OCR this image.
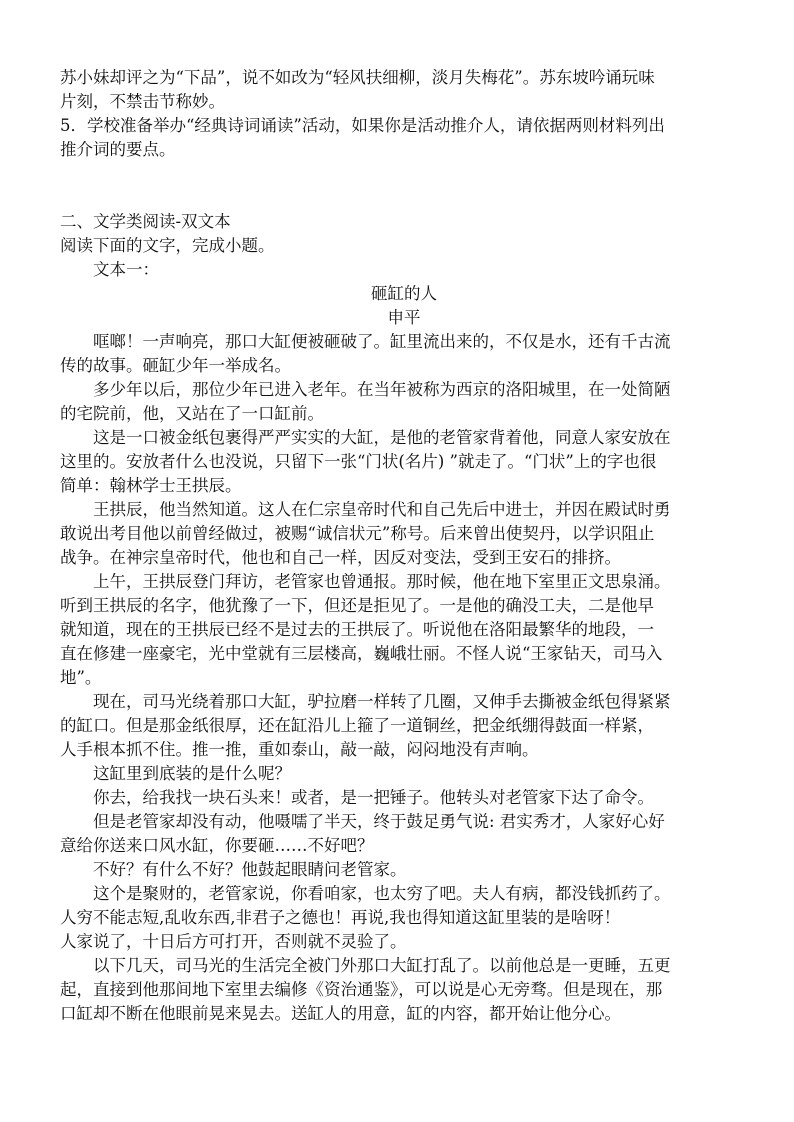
苏小妹却评之为“下品”，说不如改为“轻风扶细柳，淡月失梅花”。苏东坡吟诵玩味
片刻，不禁击节称妙。
5．学校准备举办“经典诗词诵读”活动，如果你是活动推介人，请依据两则材料列出
推介词的要点。
二、文学类阅读-双文本
阅读下面的文字，完成小题。
文本一：
砸缸的人
申平
哐啷！一声响亮，那口大缸便被砸破了。缸里流出来的，不仅是水，还有千古流
传的故事。砸缸少年一举成名。
多少年以后，那位少年已进入老年。在当年被称为西京的洛阳城里，在一处简陋
的宅院前，他，又站在了一口缸前。
这是一口被金纸包裹得严严实实的大缸，是他的老管家背着他，同意人家安放在
这里的。安放者什么也没说，只留下一张“门状(名片) ”就走了。“门状”上的字也很
简单：翰林学士王拱辰。
王拱辰，他当然知道。这人在仁宗皇帝时代和自己先后中进士，并因在殿试时勇
敢说出考目他以前曾经做过，被赐“诚信状元”称号。后来曾出使契丹，以学识阻止
战争。在神宗皇帝时代，他也和自己一样，因反对变法，受到王安石的排挤。
上午，王拱辰登门拜访，老管家也曾通报。那时候，他在地下室里正文思泉涌。
听到王拱辰的名字，他犹豫了一下，但还是拒见了。一是他的确没工夫，二是他早
就知道，现在的王拱辰已经不是过去的王拱辰了。听说他在洛阳最繁华的地段，一
直在修建一座豪宅，光中堂就有三层楼高，巍峨壮丽。不怪人说“王家钻天，司马入
地”。
现在，司马光绕着那口大缸，驴拉磨一样转了几圈，又伸手去撕被金纸包得紧紧
的缸口。但是那金纸很厚，还在缸沿儿上箍了一道铜丝，把金纸绷得鼓面一样紧，
人手根本抓不住。推一推，重如泰山，敲一敲，闷闷地没有声响。
这缸里到底装的是什么呢？
你去，给我找一块石头来！或者，是一把锤子。他转头对老管家下达了命令。
但是老管家却没有动，他嗫嚅了半天，终于鼓足勇气说: 君实秀才，人家好心好
意给你送来口风水缸，你要砸……不好吧？
不好？有什么不好？他鼓起眼睛问老管家。
这个是聚财的，老管家说，你看咱家，也太穷了吧。夫人有病，都没钱抓药了。
人穷不能志短,乱收东西,非君子之德也！再说,我也得知道这缸里装的是啥呀！
人家说了，十日后方可打开，否则就不灵验了。
以下几天，司马光的生活完全被门外那口大缸打乱了。以前他总是一更睡，五更
起，直接到他那间地下室里去编修《资治通鉴》，可以说是心无旁骛。但是现在，那
口缸却不断在他眼前晃来晃去。送缸人的用意，缸的内容，都开始让他分心。
